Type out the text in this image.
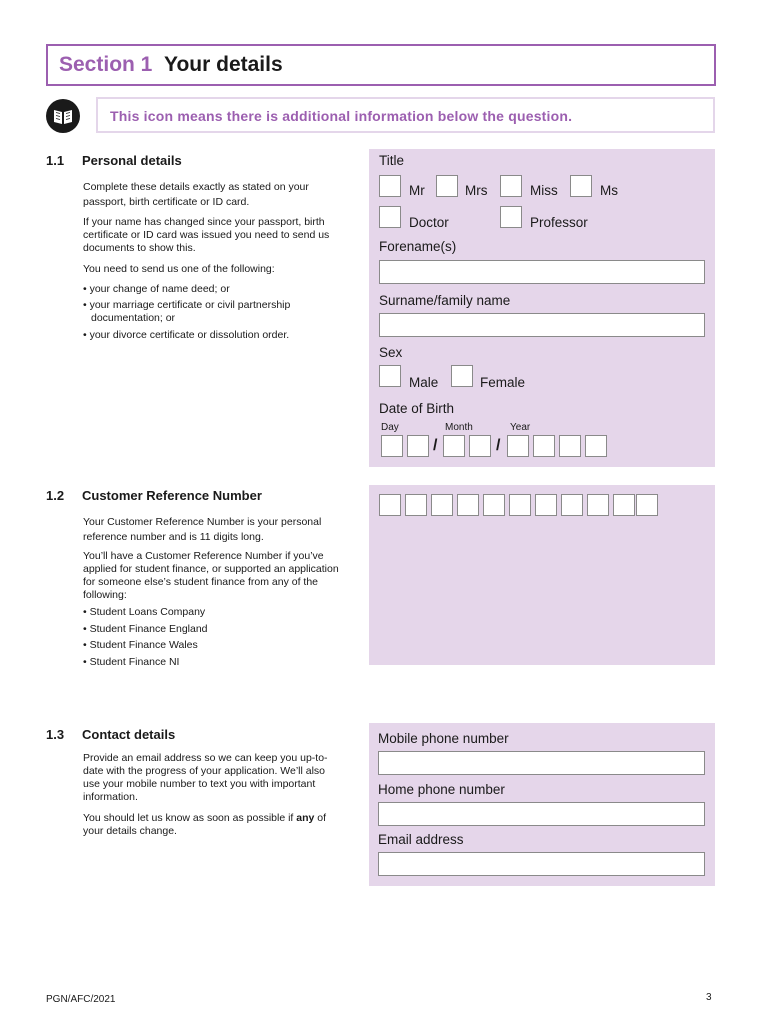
Section 1 Your details
This icon means there is additional information below the question.
1.1 Personal details
Complete these details exactly as stated on your passport, birth certificate or ID card.
If your name has changed since your passport, birth certificate or ID card was issued you need to send us documents to show this.
You need to send us one of the following:
• your change of name deed; or
• your marriage certificate or civil partnership documentation; or
• your divorce certificate or dissolution order.
Title
Mr	Mrs	Miss	Ms
Doctor	Professor
Forename(s)
Surname/family name
Sex
Male	Female
Date of Birth
Day	Month	Year
/	/
1.2 Customer Reference Number
Your Customer Reference Number is your personal reference number and is 11 digits long.
You’ll have a Customer Reference Number if you’ve applied for student finance, or supported an application for someone else’s student finance from any of the following:
• Student Loans Company
• Student Finance England
• Student Finance Wales
• Student Finance NI
1.3 Contact details
Provide an email address so we can keep you up-to-date with the progress of your application. We’ll also use your mobile number to text you with important information.
You should let us know as soon as possible if any of your details change.
Mobile phone number
Home phone number
Email address
PGN/AFC/2021	3
